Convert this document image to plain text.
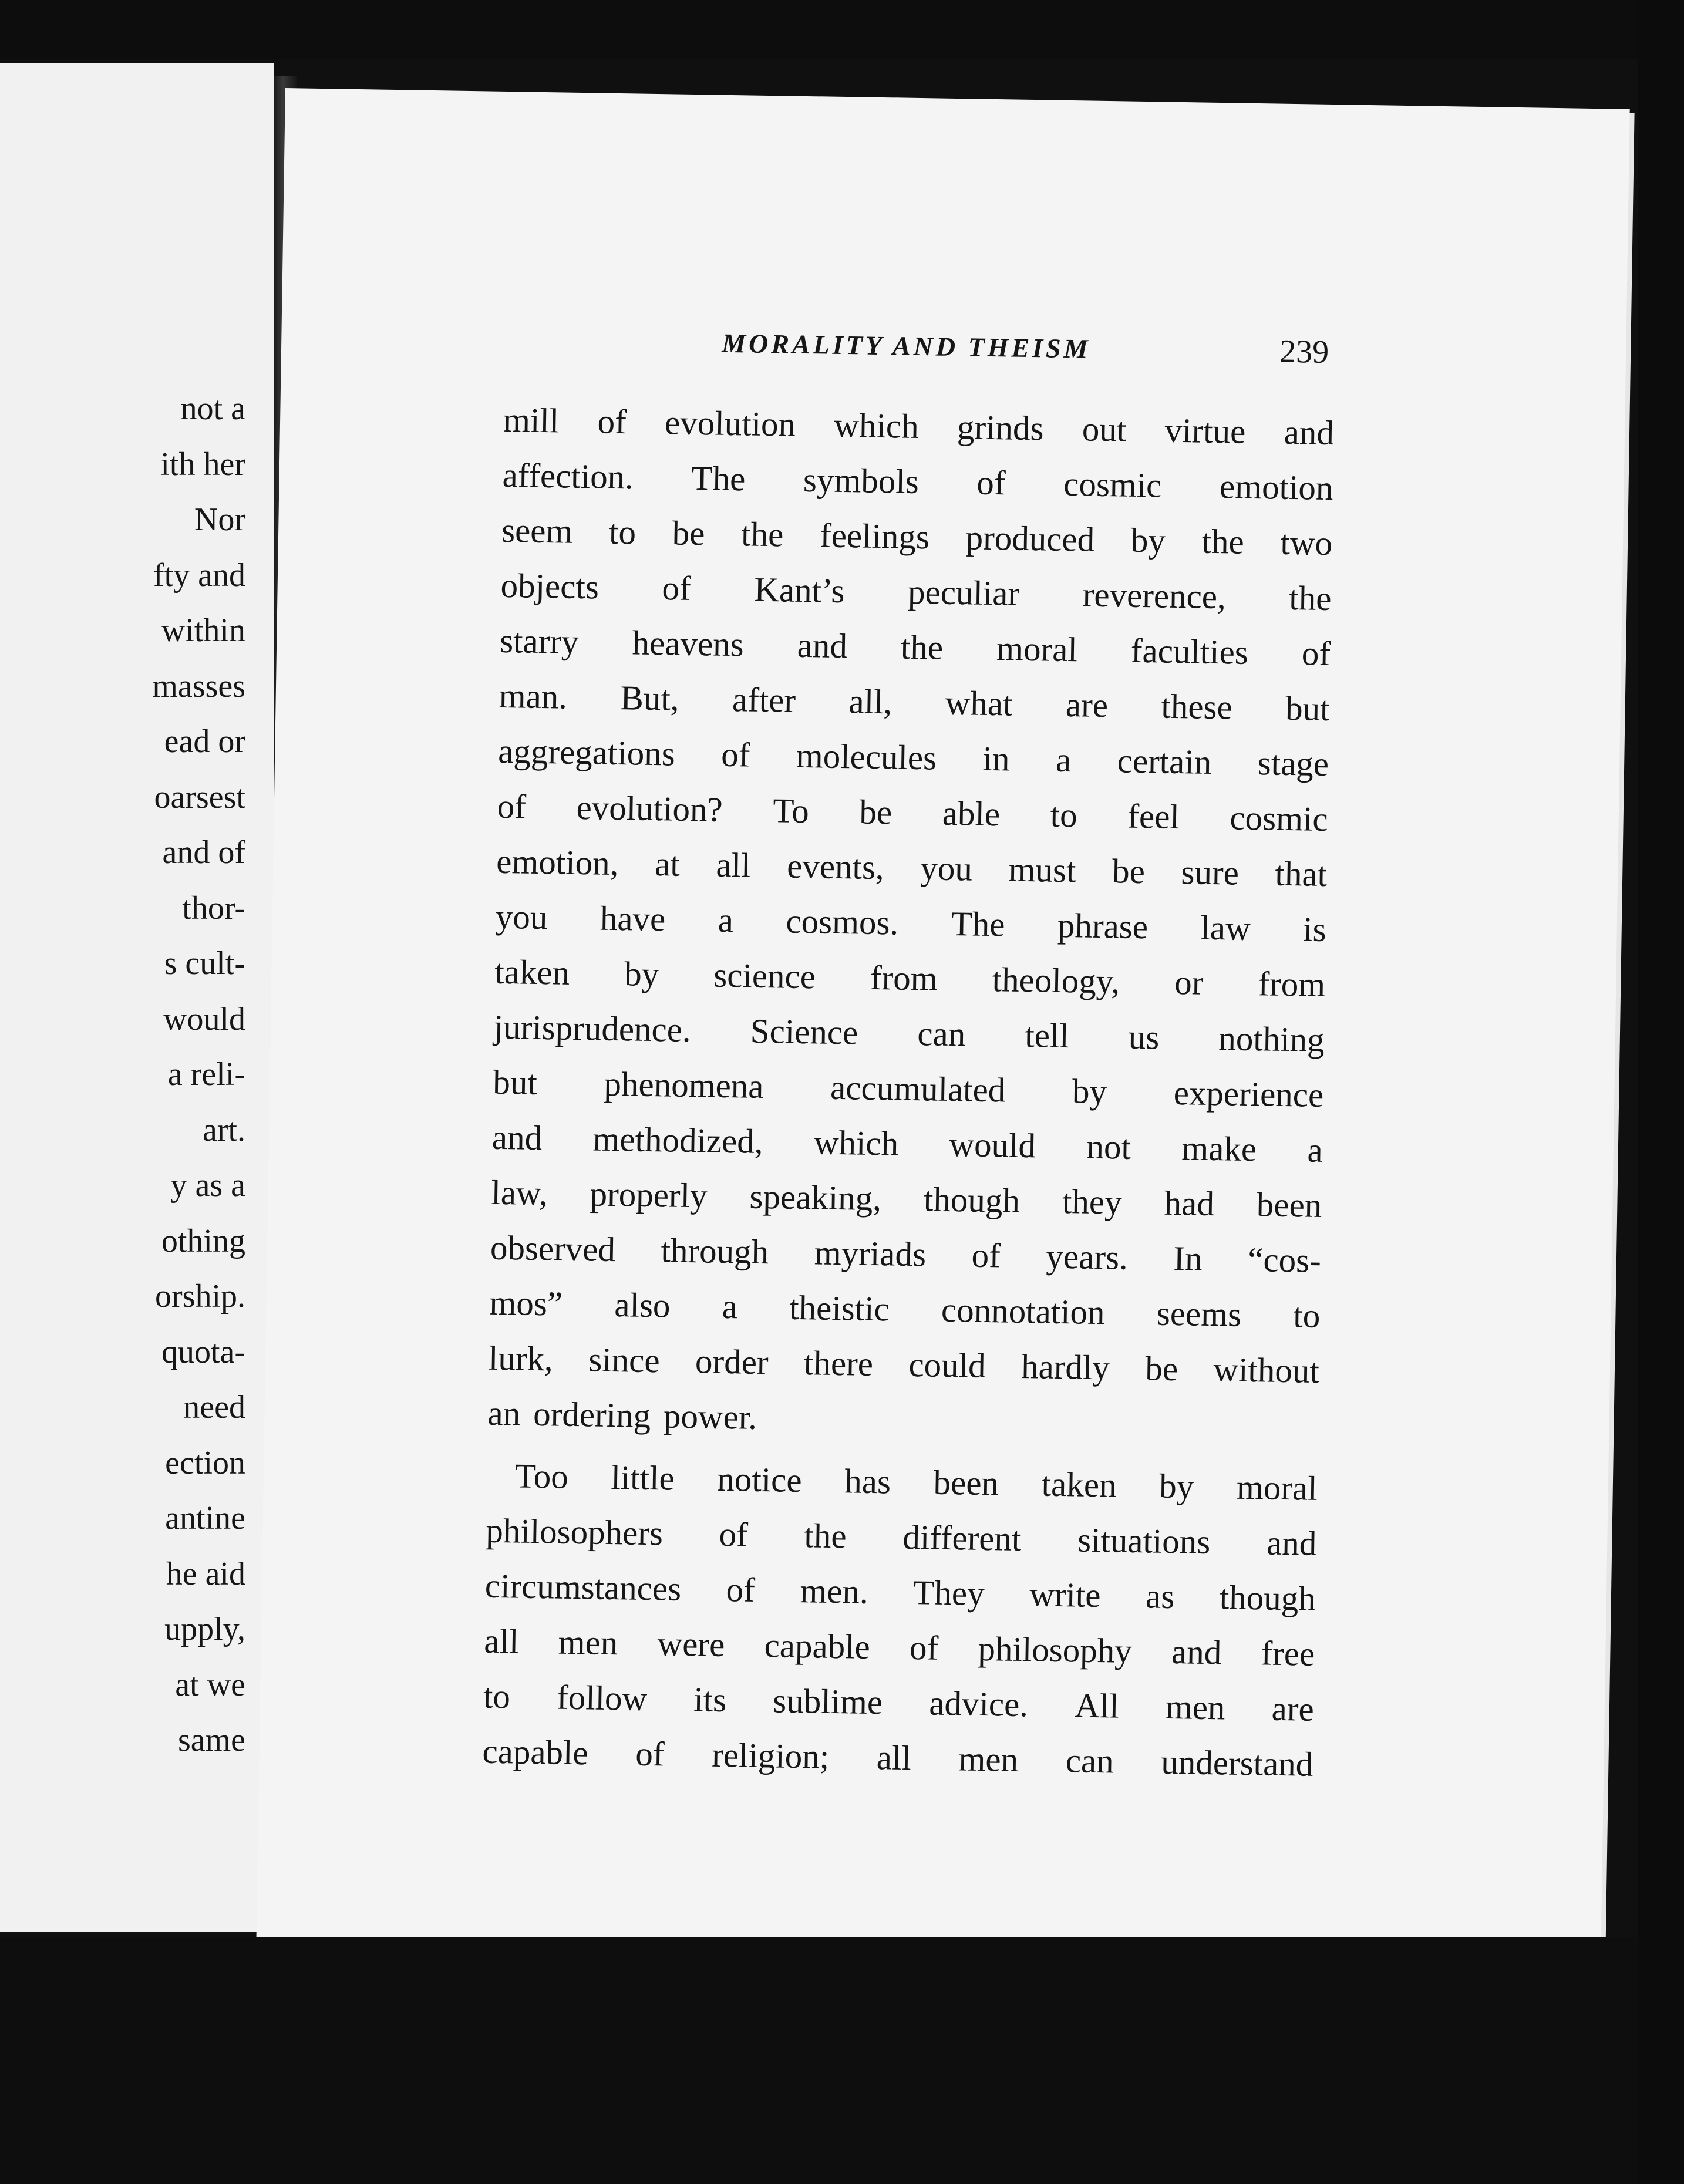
not a
ith her
Nor
fty and
within
masses
ead or
oarsest
and of
thor-
s cult-
would
a reli-
art.
y as a
othing
orship.
quota-
need
ection
antine
he aid
upply,
at we
same
MORALITY AND THEISM	239
mill of evolution which grinds out virtue and
affection. The symbols of cosmic emotion
seem to be the feelings produced by the two
objects of Kant’s peculiar reverence, the
starry heavens and the moral faculties of
man. But, after all, what are these but
aggregations of molecules in a certain stage
of evolution? To be able to feel cosmic
emotion, at all events, you must be sure that
you have a cosmos. The phrase law is
taken by science from theology, or from
jurisprudence. Science can tell us nothing
but phenomena accumulated by experience
and methodized, which would not make a
law, properly speaking, though they had been
observed through myriads of years. In “cos-
mos” also a theistic connotation seems to
lurk, since order there could hardly be without
an ordering power.
Too little notice has been taken by moral
philosophers of the different situations and
circumstances of men. They write as though
all men were capable of philosophy and free
to follow its sublime advice. All men are
capable of religion; all men can understand
